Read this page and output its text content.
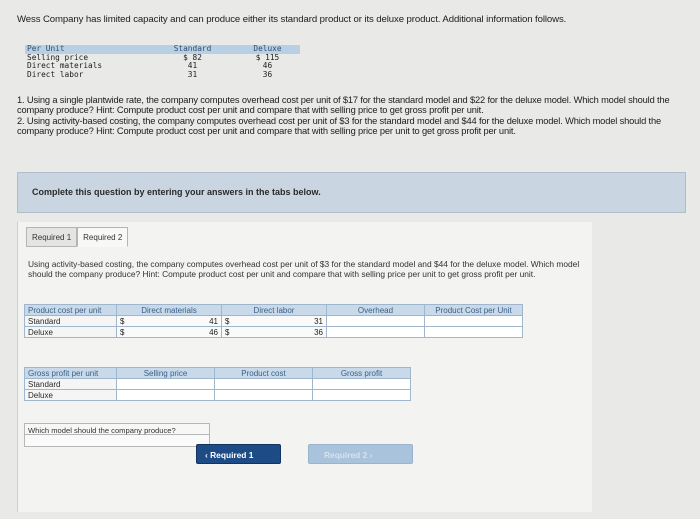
Wess Company has limited capacity and can produce either its standard product or its deluxe product. Additional information follows.
Per Unit	Standard	Deluxe
Selling price	$ 82	$ 115
Direct materials	41	46
Direct labor	31	36
1. Using a single plantwide rate, the company computes overhead cost per unit of $17 for the standard model and $22 for the deluxe model. Which model should the company produce? Hint: Compute product cost per unit and compare that with selling price to get gross profit per unit.
2. Using activity-based costing, the company computes overhead cost per unit of $3 for the standard model and $44 for the deluxe model. Which model should the company produce? Hint: Compute product cost per unit and compare that with selling price per unit to get gross profit per unit.
Complete this question by entering your answers in the tabs below.
Required 1	Required 2
Using activity-based costing, the company computes overhead cost per unit of $3 for the standard model and $44 for the deluxe model. Which model should the company produce? Hint: Compute product cost per unit and compare that with selling price per unit to get gross profit per unit.
Product cost per unit	Direct materials		Direct labor		Overhead	Product Cost per Unit
Standard	$	41	$	31		
Deluxe	$	46	$	36		
Gross profit per unit	Selling price	Product cost	Gross profit
Standard			
Deluxe			
Which model should the company produce?
‹ Required 1	Required 2 ›
